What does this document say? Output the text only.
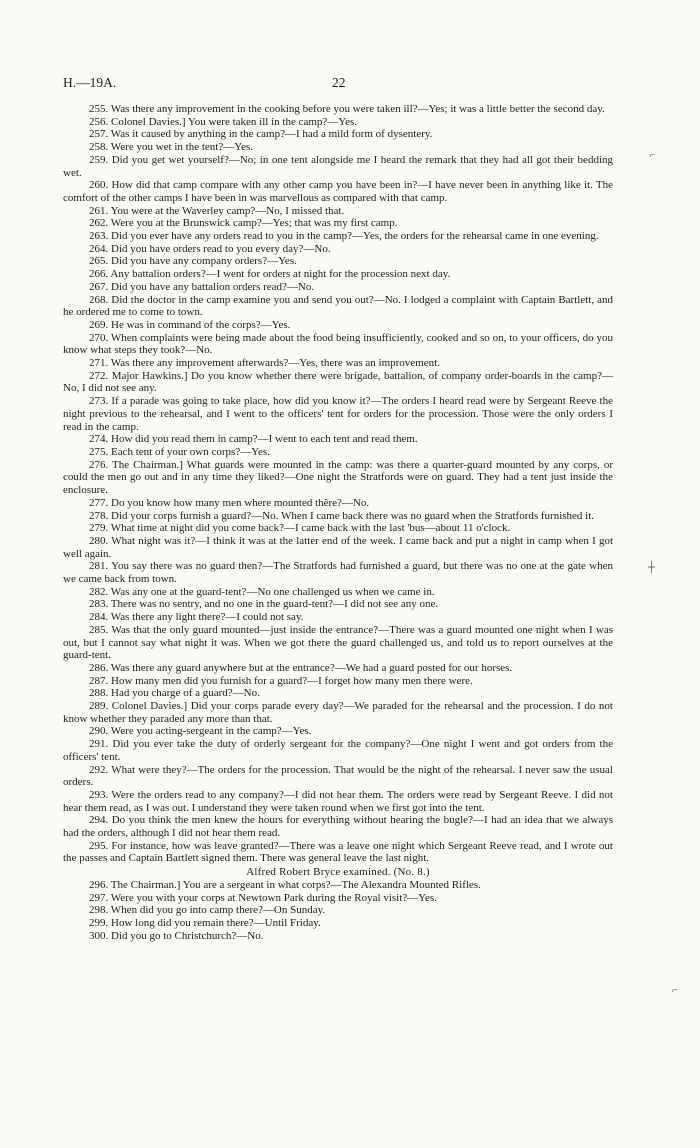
H.—19A.	22

255. Was there any improvement in the cooking before you were taken ill?—Yes; it was a little better the second day.

256. Colonel Davies.] You were taken ill in the camp?—Yes.

257. Was it caused by anything in the camp?—I had a mild form of dysentery.

258. Were you wet in the tent?—Yes.

259. Did you get wet yourself?—No; in one tent alongside me I heard the remark that they had all got their bedding wet.

260. How did that camp compare with any other camp you have been in?—I have never been in anything like it. The comfort of the other camps I have been in was marvellous as compared with that camp.

261. You were at the Waverley camp?—No, I missed that.

262. Were you at the Brunswick camp?—Yes; that was my first camp.

263. Did you ever have any orders read to you in the camp?—Yes, the orders for the rehearsal came in one evening.

264. Did you have orders read to you every day?—No.

265. Did you have any company orders?—Yes.

266. Any battalion orders?—I went for orders at night for the procession next day.

267. Did you have any battalion orders read?—No.

268. Did the doctor in the camp examine you and send you out?—No. I lodged a complaint with Captain Bartlett, and he ordered me to come to town.

269. He was in command of the corps?—Yes.

270. When complaints were being made about the food being insufficiently, cooked and so on, to your officers, do you know what steps they took?—No.

271. Was there any improvement afterwards?—Yes, there was an improvement.

272. Major Hawkins.] Do you know whether there were brigade, battalion, of company order-boards in the camp?—No, I did not see any.

273. If a parade was going to take place, how did you know it?—The orders I heard read were by Sergeant Reeve the night previous to the rehearsal, and I went to the officers' tent for orders for the procession. Those were the only orders I read in the camp.

274. How did you read them in camp?—I went to each tent and read them.

275. Each tent of your own corps?—Yes.

276. The Chairman.] What guards were mounted in the camp: was there a quarter-guard mounted by any corps, or could the men go out and in any time they liked?—One night the Stratfords were on guard. They had a tent just inside the enclosure.

277. Do you know how many men where mounted thêre?—No.

278. Did your corps furnish a guard?—No. When I came back there was no guard when the Stratfords furnished it.

279. What time at night did you come back?—I came back with the last 'bus—about 11 o'clock.

280. What night was it?—I think it was at the latter end of the week. I came back and put a night in camp when I got well again.

281. You say there was no guard then?—The Stratfords had furnished a guard, but there was no one at the gate when we came back from town.

282. Was any one at the guard-tent?—No one challenged us when we came in.

283. There was no sentry, and no one in the guard-tent?—I did not see any one.

284. Was there any light there?—I could not say.

285. Was that the only guard mounted—just inside the entrance?—There was a guard mounted one night when I was out, but I cannot say what night it was. When we got there the guard challenged us, and told us to report ourselves at the guard-tent.

286. Was there any guard anywhere but at the entrance?—We had a guard posted for our horses.

287. How many men did you furnish for a guard?—I forget how many men there were.

288. Had you charge of a guard?—No.

289. Colonel Davies.] Did your corps parade every day?—We paraded for the rehearsal and the procession. I do not know whether they paraded any more than that.

290. Were you acting-sergeant in the camp?—Yes.

291. Did you ever take the duty of orderly sergeant for the company?—One night I went and got orders from the officers' tent.

292. What were they?—The orders for the procession. That would be the night of the rehearsal. I never saw the usual orders.

293. Were the orders read to any company?—I did not hear them. The orders were read by Sergeant Reeve. I did not hear them read, as I was out. I understand they were taken round when we first got into the tent.

294. Do you think the men knew the hours for everything without hearing the bugle?—I had an idea that we always had the orders, although I did not hear them read.

295. For instance, how was leave granted?—There was a leave one night which Sergeant Reeve read, and I wrote out the passes and Captain Bartlett signed them. There was general leave the last night.

Alfred Robert Bryce examined. (No. 8.)

296. The Chairman.] You are a sergeant in what corps?—The Alexandra Mounted Rifles.

297. Were you with your corps at Newtown Park during the Royal visit?—Yes.

298. When did you go into camp there?—On Sunday.

299. How long did you remain there?—Until Friday.

300. Did you go to Christchurch?—No.

⌐
┼
⌐
